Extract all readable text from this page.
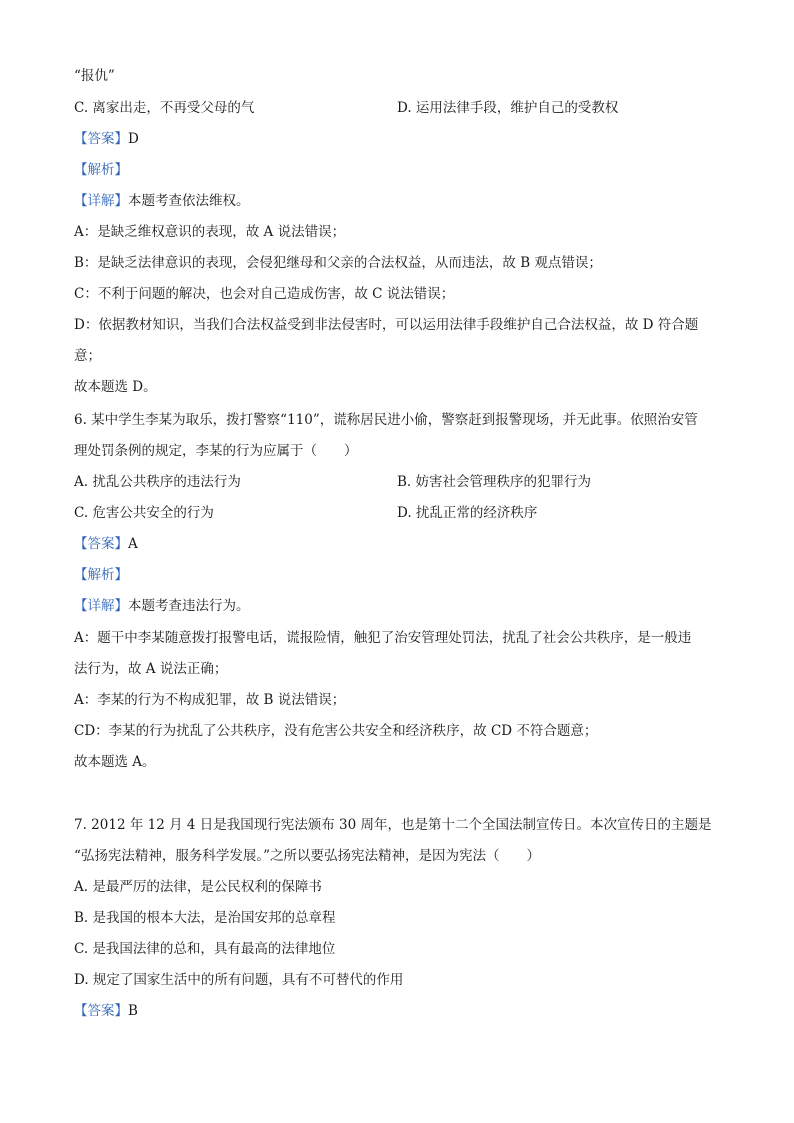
“报仇”
C. 离家出走，不再受父母的气	D. 运用法律手段，维护自己的受教权
【答案】D
【解析】
【详解】本题考查依法维权。
A：是缺乏维权意识的表现，故 A 说法错误；
B：是缺乏法律意识的表现，会侵犯继母和父亲的合法权益，从而违法，故 B 观点错误；
C：不利于问题的解决，也会对自己造成伤害，故 C 说法错误；
D：依据教材知识，当我们合法权益受到非法侵害时，可以运用法律手段维护自己合法权益，故 D 符合题
意；
故本题选 D。
6. 某中学生李某为取乐，拨打警察“110”，谎称居民进小偷，警察赶到报警现场，并无此事。依照治安管
理处罚条例的规定，李某的行为应属于（　　）
A. 扰乱公共秩序的违法行为	B. 妨害社会管理秩序的犯罪行为
C. 危害公共安全的行为	D. 扰乱正常的经济秩序
【答案】A
【解析】
【详解】本题考查违法行为。
A：题干中李某随意拨打报警电话，谎报险情，触犯了治安管理处罚法，扰乱了社会公共秩序，是一般违
法行为，故 A 说法正确；
A：李某的行为不构成犯罪，故 B 说法错误；
CD：李某的行为扰乱了公共秩序，没有危害公共安全和经济秩序，故 CD 不符合题意；
故本题选 A。
7. 2012 年 12 月 4 日是我国现行宪法颁布 30 周年，也是第十二个全国法制宣传日。本次宣传日的主题是
“弘扬宪法精神，服务科学发展。”之所以要弘扬宪法精神，是因为宪法（　　）
A. 是最严厉的法律，是公民权利的保障书
B. 是我国的根本大法，是治国安邦的总章程
C. 是我国法律的总和，具有最高的法律地位
D. 规定了国家生活中的所有问题，具有不可替代的作用
【答案】B
